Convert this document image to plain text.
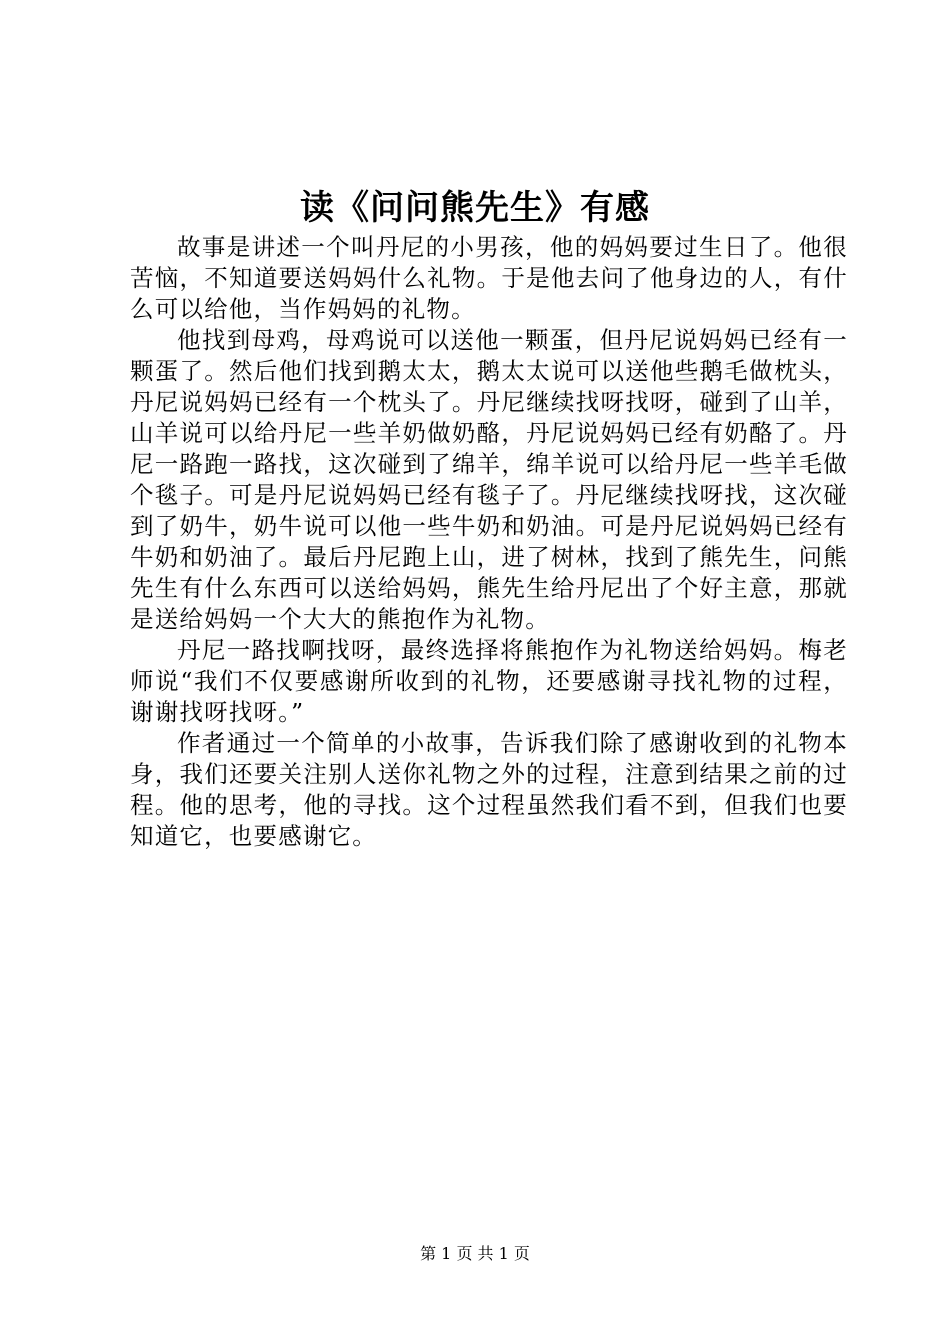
读《问问熊先生》有感

故事是讲述一个叫丹尼的小男孩，他的妈妈要过生日了。他很苦恼，不知道要送妈妈什么礼物。于是他去问了他身边的人，有什么可以给他，当作妈妈的礼物。

他找到母鸡，母鸡说可以送他一颗蛋，但丹尼说妈妈已经有一颗蛋了。然后他们找到鹅太太，鹅太太说可以送他些鹅毛做枕头，丹尼说妈妈已经有一个枕头了。丹尼继续找呀找呀，碰到了山羊，山羊说可以给丹尼一些羊奶做奶酪，丹尼说妈妈已经有奶酪了。丹尼一路跑一路找，这次碰到了绵羊，绵羊说可以给丹尼一些羊毛做个毯子。可是丹尼说妈妈已经有毯子了。丹尼继续找呀找，这次碰到了奶牛，奶牛说可以他一些牛奶和奶油。可是丹尼说妈妈已经有牛奶和奶油了。最后丹尼跑上山，进了树林，找到了熊先生，问熊先生有什么东西可以送给妈妈，熊先生给丹尼出了个好主意，那就是送给妈妈一个大大的熊抱作为礼物。

丹尼一路找啊找呀，最终选择将熊抱作为礼物送给妈妈。梅老师说“我们不仅要感谢所收到的礼物，还要感谢寻找礼物的过程，谢谢找呀找呀。”

作者通过一个简单的小故事，告诉我们除了感谢收到的礼物本身，我们还要关注别人送你礼物之外的过程，注意到结果之前的过程。他的思考，他的寻找。这个过程虽然我们看不到，但我们也要知道它，也要感谢它。

第 1 页 共 1 页
